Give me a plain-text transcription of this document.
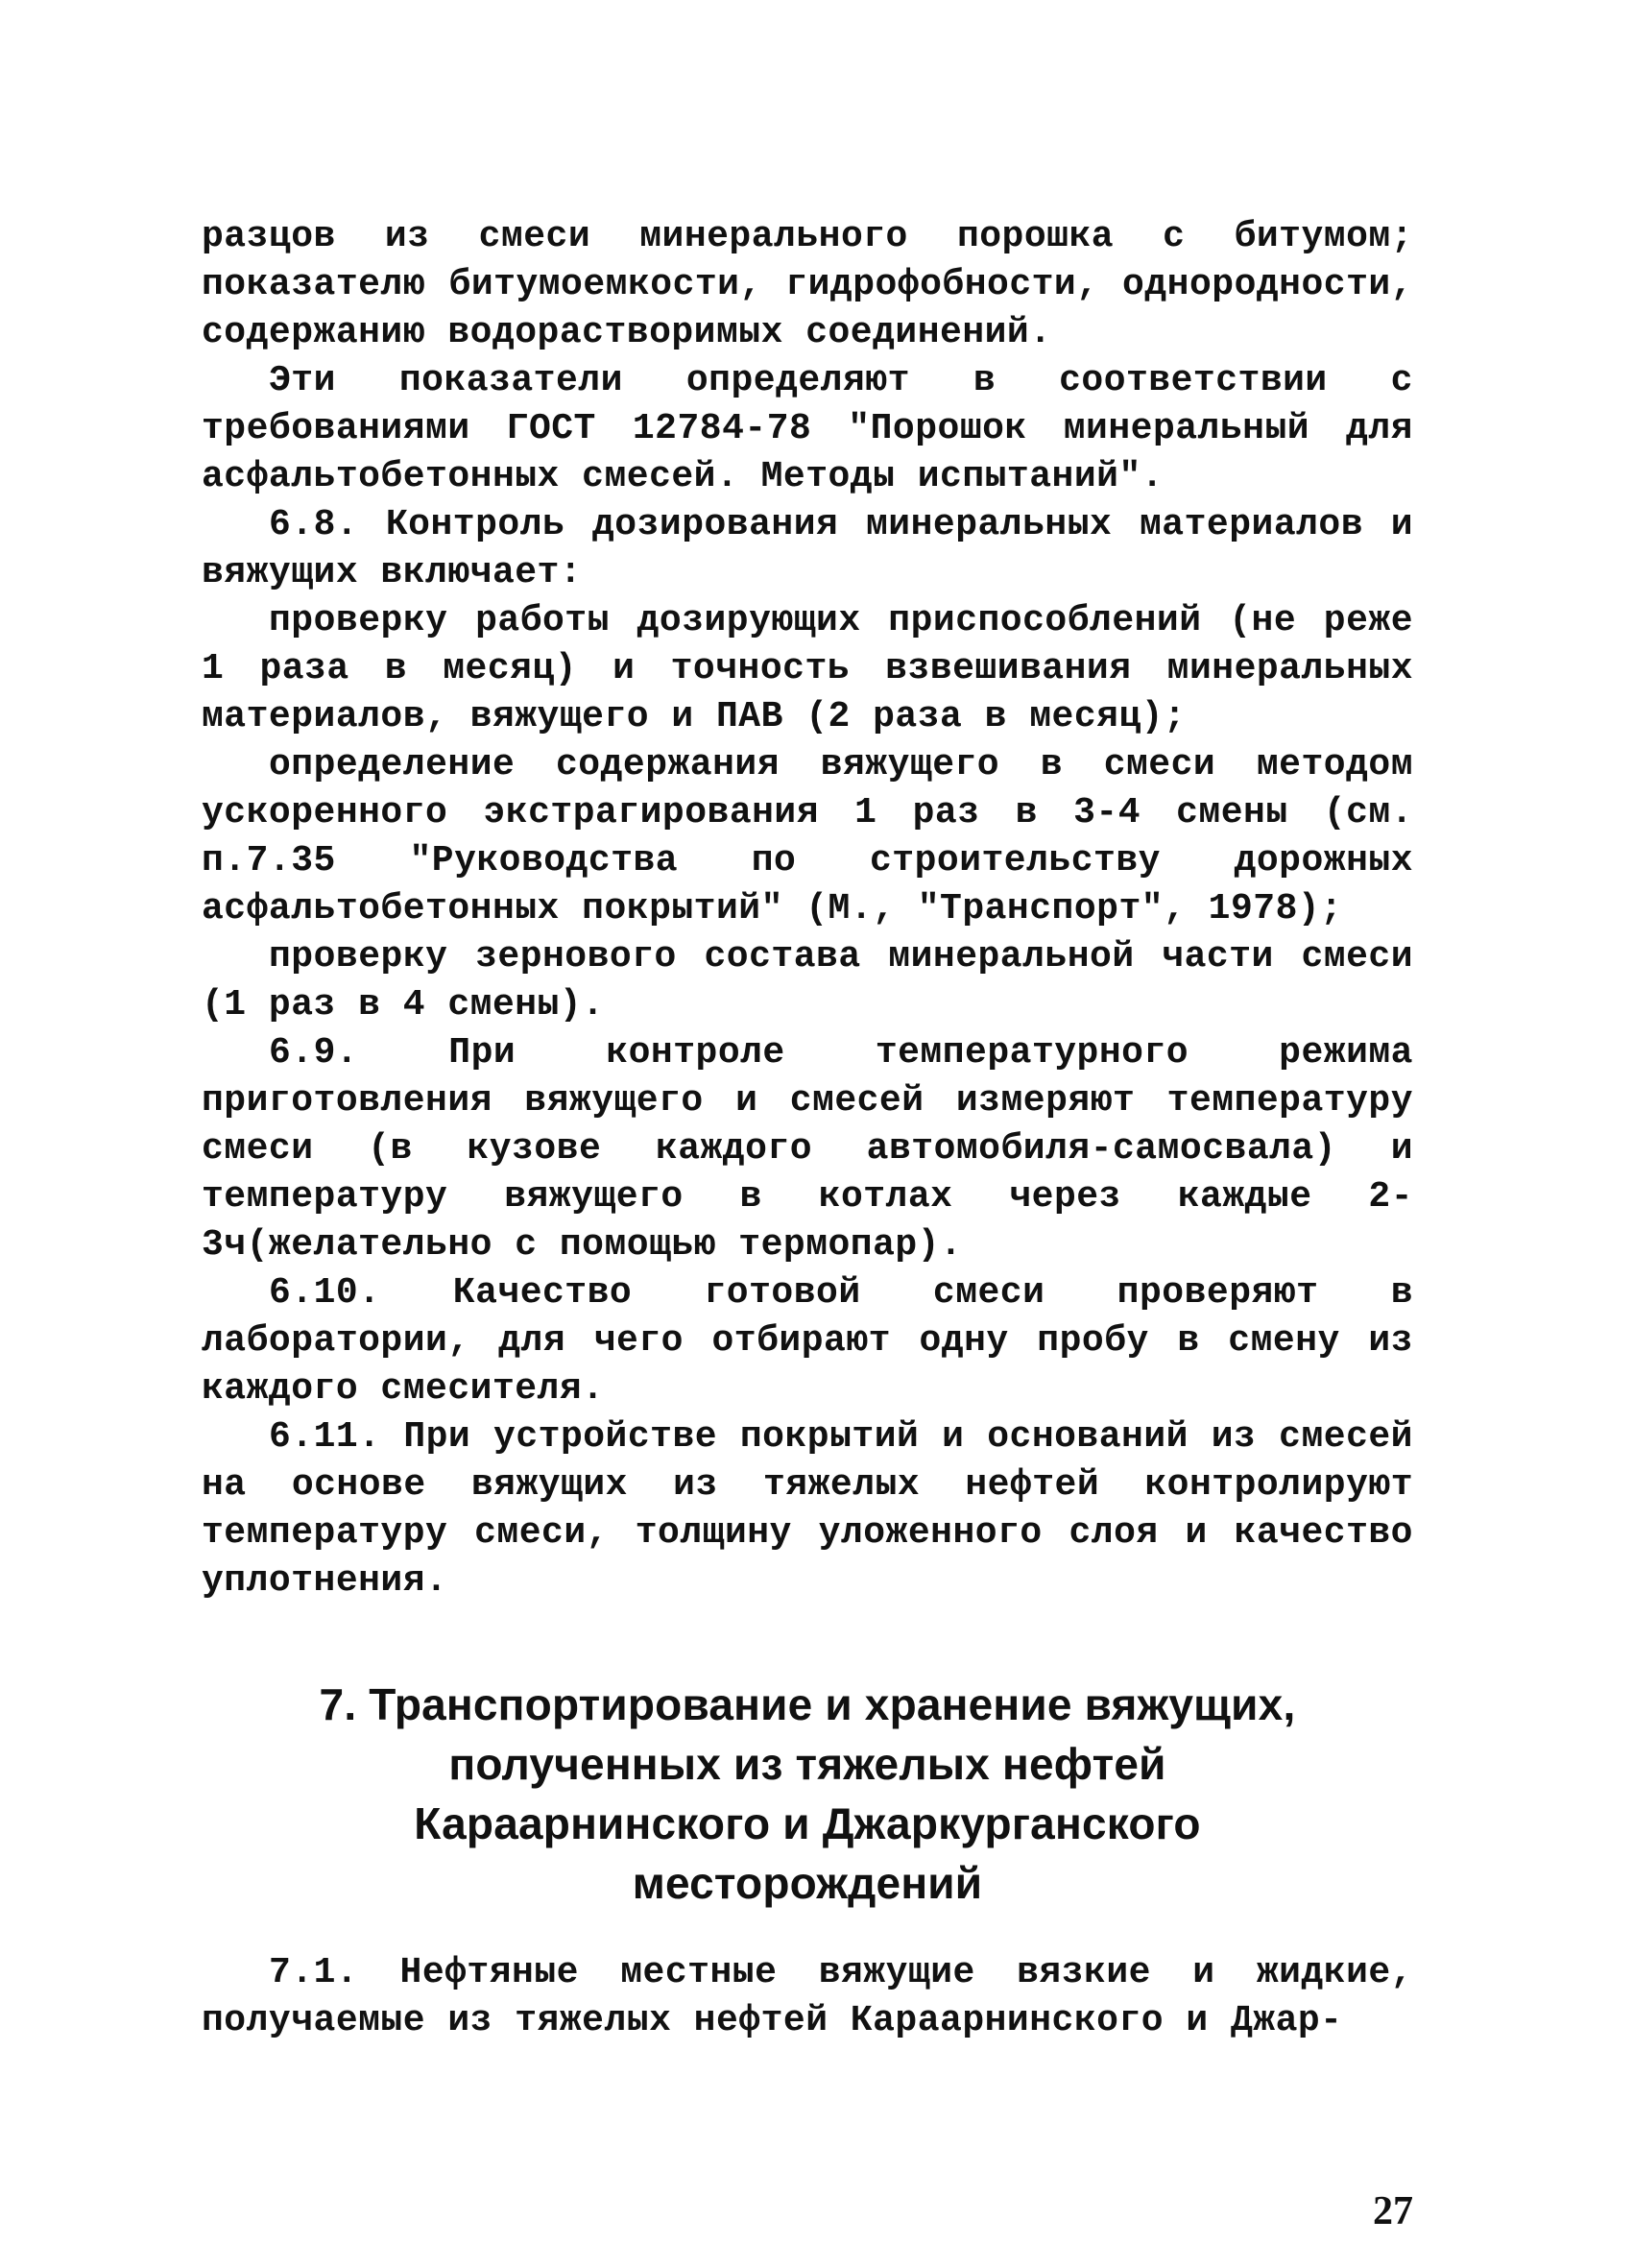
разцов из смеси минерального порошка с битумом; показателю битумоемкости, гидрофобности, однородности, содержанию водорастворимых соединений.

Эти показатели определяют в соответствии с требованиями ГОСТ 12784-78 "Порошок минеральный для асфальтобетонных смесей. Методы испытаний".

6.8. Контроль дозирования минеральных материалов и вяжущих включает:

проверку работы дозирующих приспособлений (не реже 1 раза в месяц) и точность взвешивания минеральных материалов, вяжущего и ПАВ (2 раза в месяц);

определение содержания вяжущего в смеси методом ускоренного экстрагирования 1 раз в 3-4 смены (см. п.7.35 "Руководства по строительству дорожных асфальтобетонных покрытий" (М., "Транспорт", 1978);

проверку зернового состава минеральной части смеси (1 раз в 4 смены).

6.9. При контроле температурного режима приготовления вяжущего и смесей измеряют температуру смеси (в кузове каждого автомобиля-самосвала) и температуру вяжущего в котлах через каждые 2-3ч(желательно с помощью термопар).

6.10. Качество готовой смеси проверяют в лаборатории, для чего отбирают одну пробу в смену из каждого смесителя.

6.11. При устройстве покрытий и оснований из смесей на основе вяжущих из тяжелых нефтей контролируют температуру смеси, толщину уложенного слоя и качество уплотнения.

7. Транспортирование и хранение вяжущих,
полученных из тяжелых нефтей
Караарнинского и Джаркурганского
месторождений

7.1. Нефтяные местные вяжущие вязкие и жидкие, получаемые из тяжелых нефтей Караарнинского и Джар-

27
